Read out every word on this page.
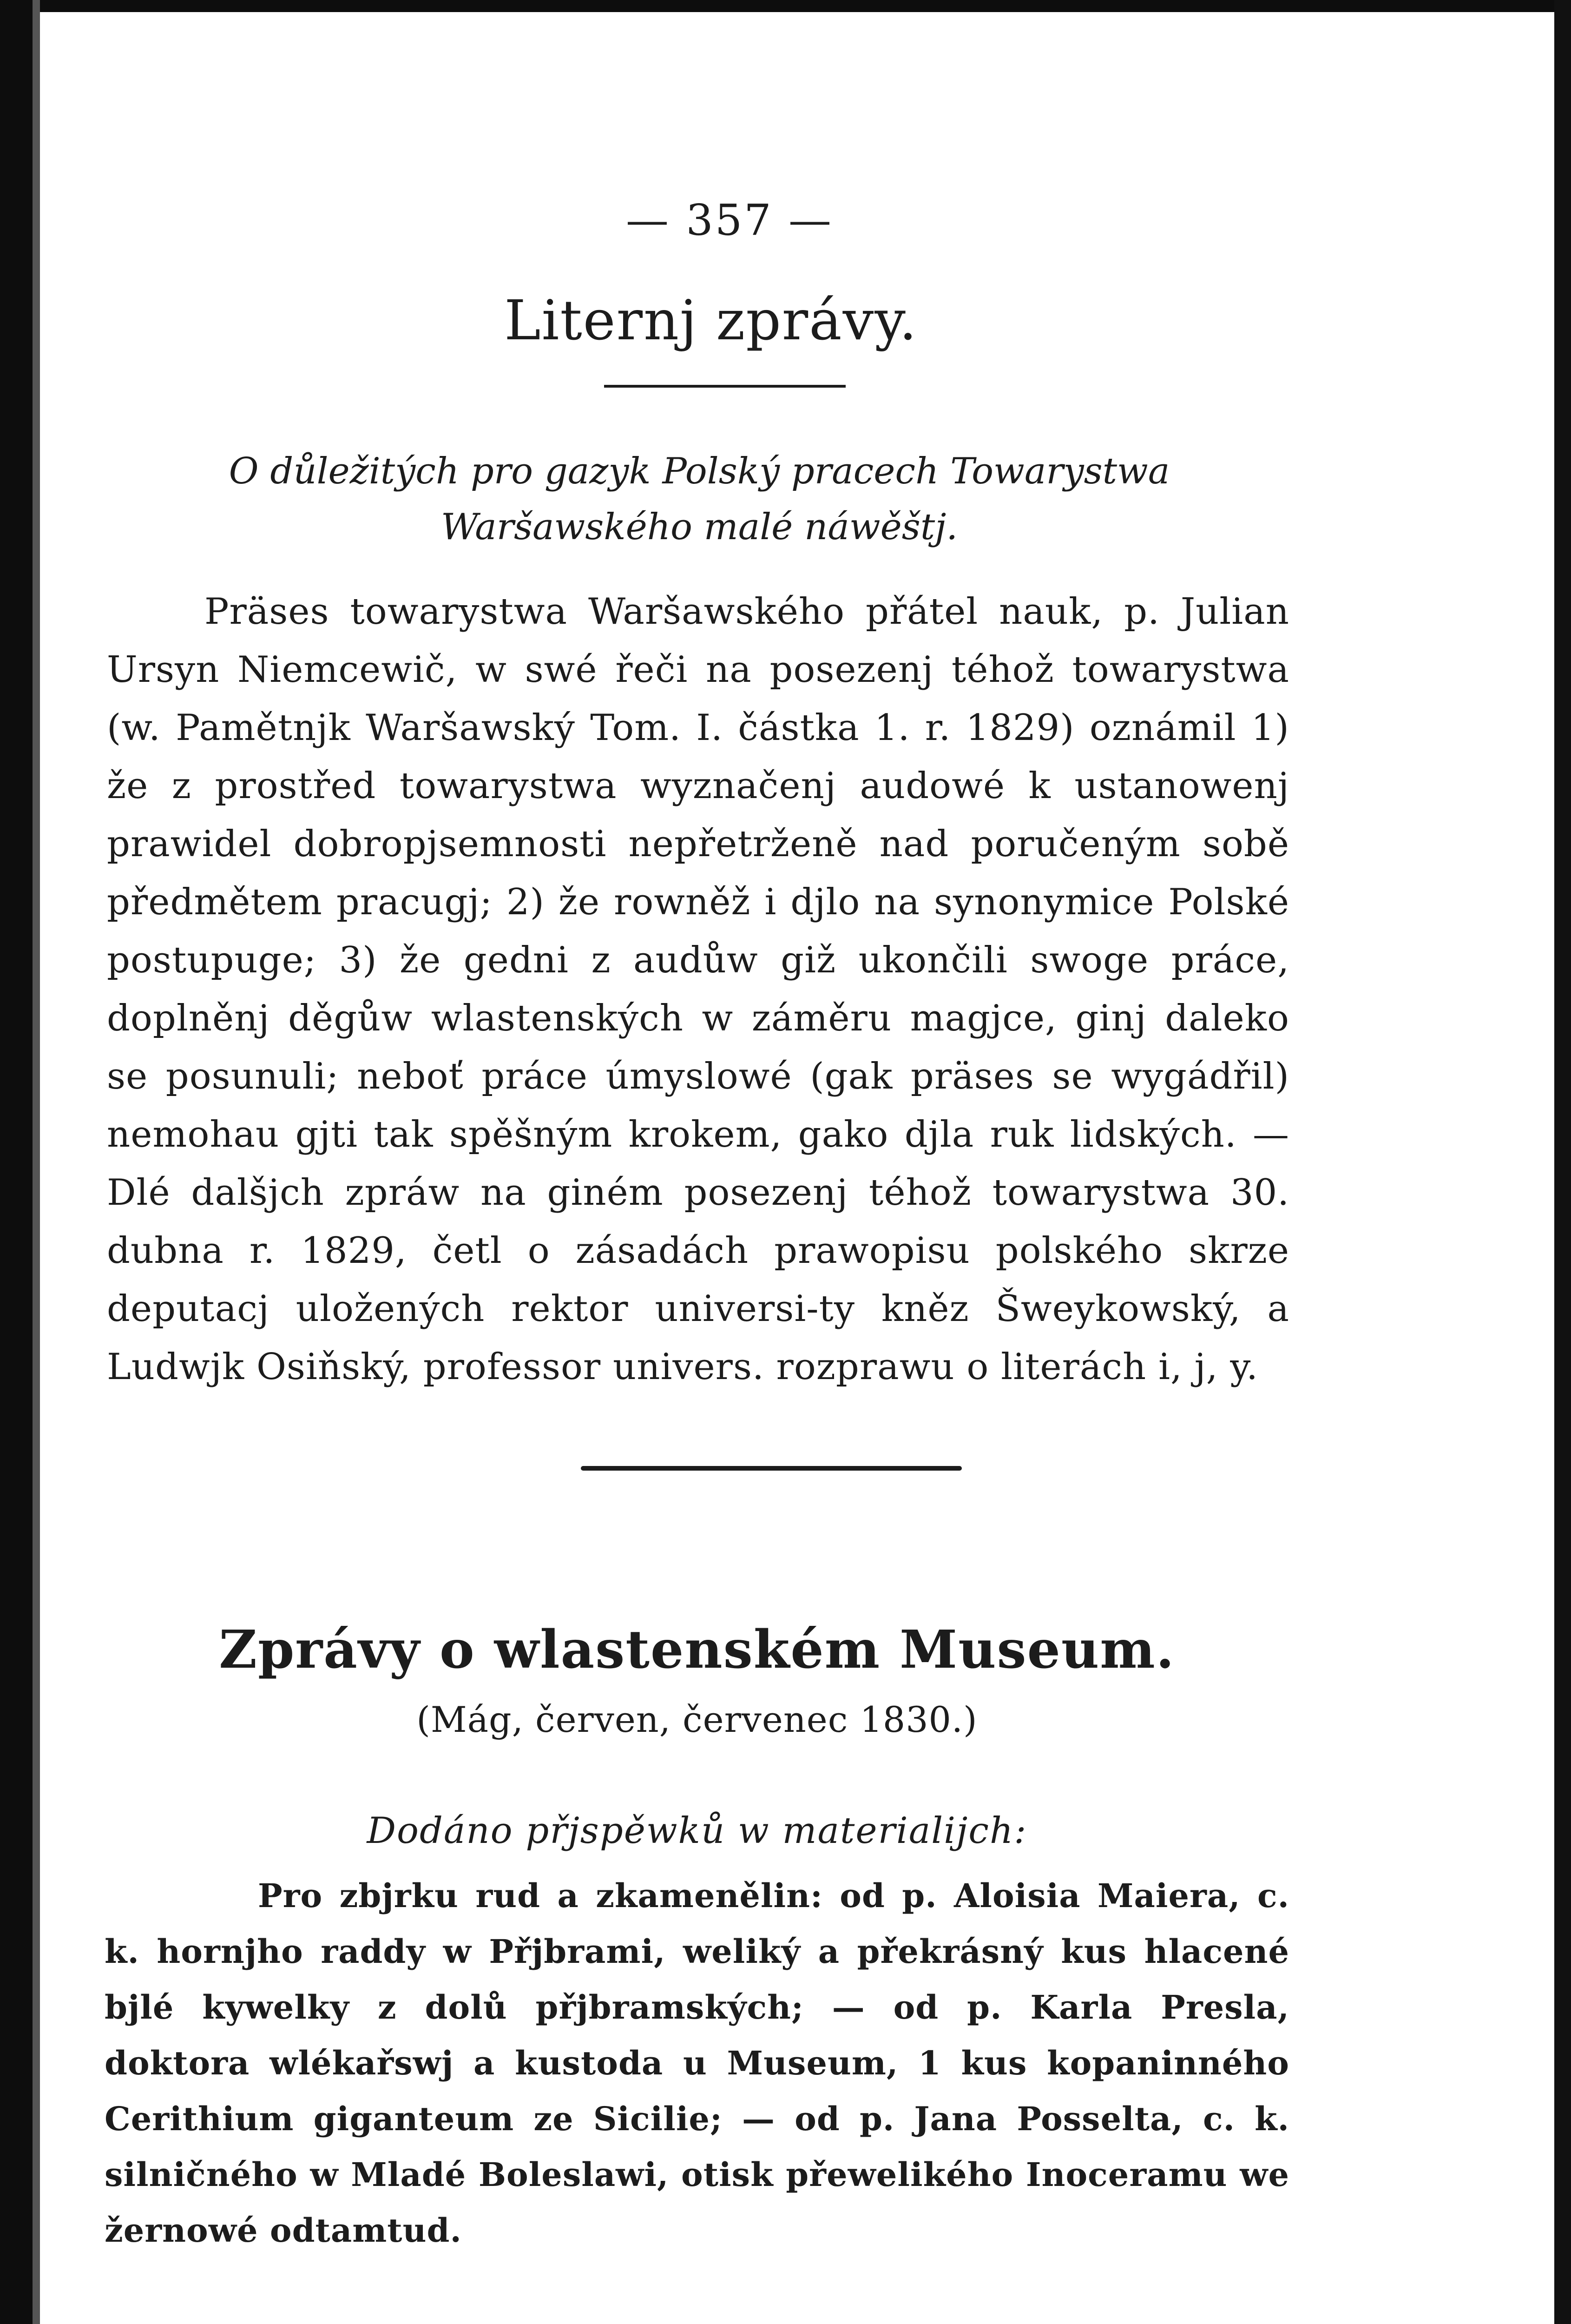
— 357 —
Liternj zprávy.
O důležitých pro gazyk Polský pracech Towarystwa Waršawského malé náwěštj.

Präses towarystwa Waršawského přátel nauk, p. Julian Ursyn Niemcewič, w swé řeči na posezenj téhož towarystwa (w. Pamětnjk Waršawský Tom. I. částka 1. r. 1829) oznámil 1) že z prostřed towarystwa wyznačenj audowé k ustanowenj prawidel dobropjsemnosti nepřetrženě nad poručeným sobě předmětem pracugj; 2) že rowněž i djlo na synonymice Polské postupuge; 3) že gedni z audůw giž ukončili swoge práce, doplněnj děgůw wlastenských w záměru magjce, ginj daleko se posunuli; neboť práce úmyslowé (gak präses se wygádřil) nemohau gjti tak spěšným krokem, gako djla ruk lidských. — Dlé dalšjch zpráw na giném posezenj téhož towarystwa 30. dubna r. 1829, četl o zásadách prawopisu polského skrze deputacj uložených rektor universi-ty kněz Šweykowský, a Ludwjk Osiňský, professor univers. rozprawu o literách i, j, y.

Zprávy o wlastenském Museum.
(Mág, červen, červenec 1830.)
Dodáno přjspěwků w materialijch:

Pro zbjrku rud a zkamenělin: od p. Aloisia Maiera, c. k. hornjho raddy w Přjbrami, weliký a překrásný kus hlacené bjlé kywelky z dolů přjbramských; — od p. Karla Presla, doktora wlékařswj a kustoda u Museum, 1 kus kopaninného Cerithium giganteum ze Sicilie; — od p. Jana Posselta, c. k. silničného w Mladé Boleslawi, otisk přewelikého Inoceramu we žernowé odtamtud.
